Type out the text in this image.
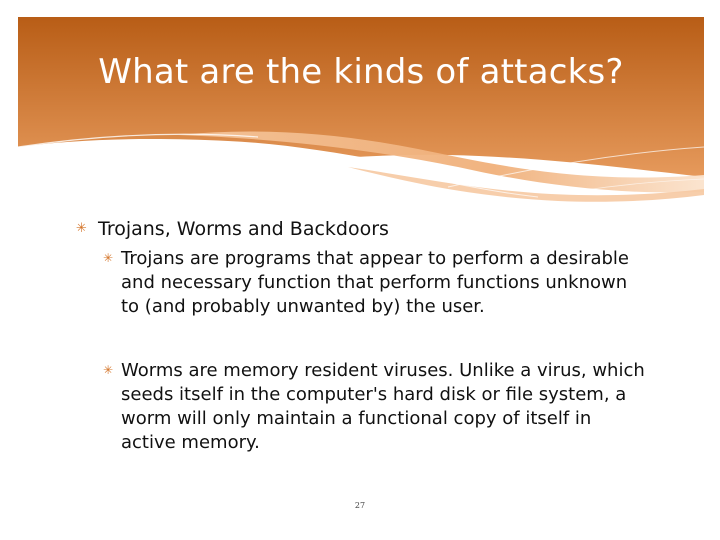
What are the kinds of attacks?
✳ Trojans, Worms and Backdoors
✳ Trojans are programs that appear to perform a desirable and necessary function that perform functions unknown to (and probably unwanted by) the user.
✳ Worms are memory resident viruses. Unlike a virus, which seeds itself in the computer's hard disk or file system, a worm will only maintain a functional copy of itself in active memory.
27
